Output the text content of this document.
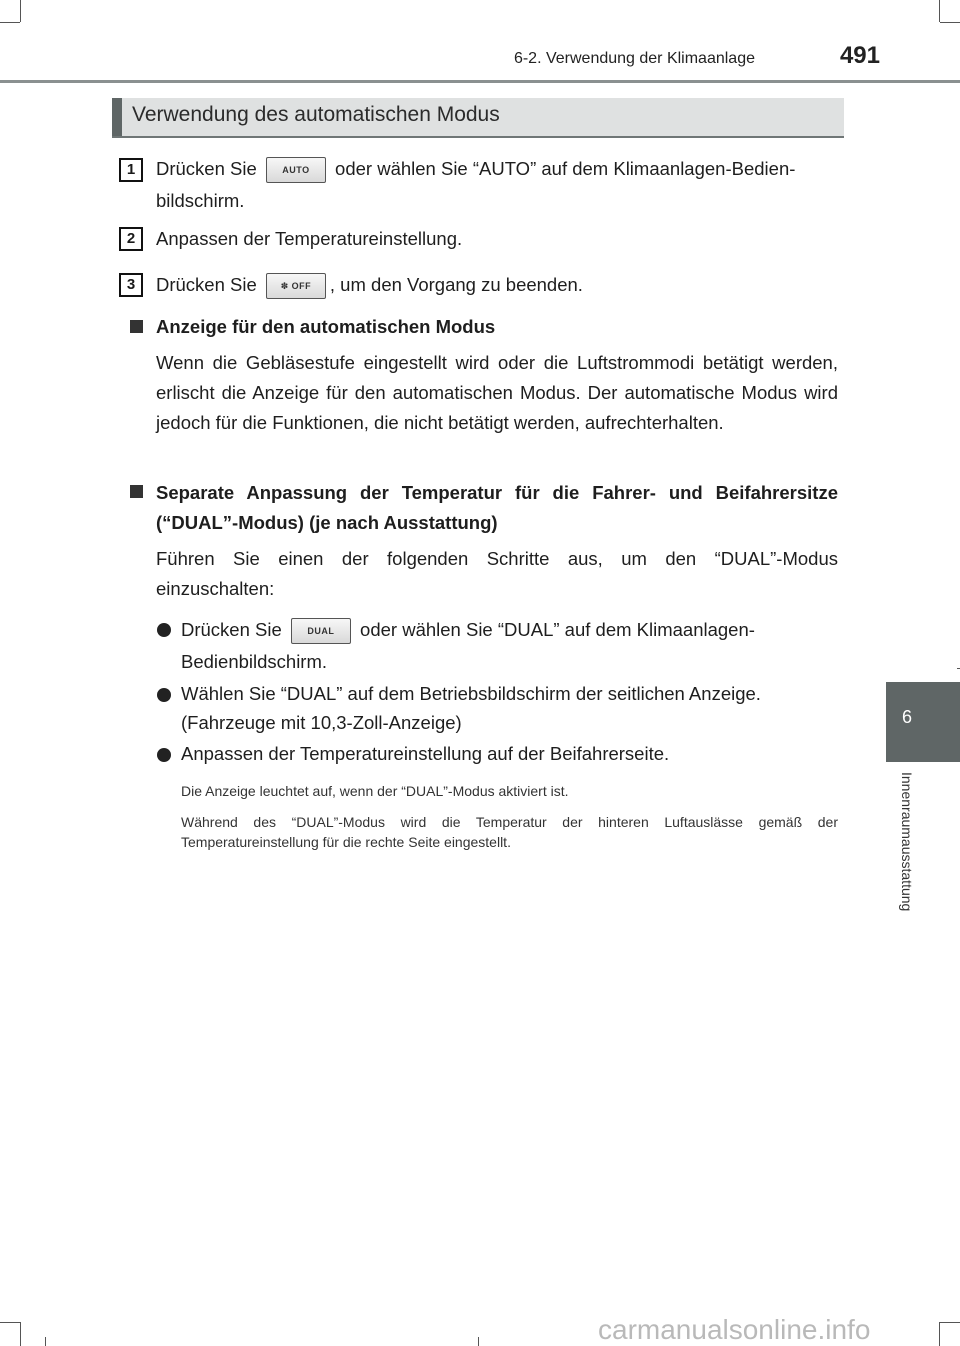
6-2. Verwendung der Klimaanlage	491
Verwendung des automatischen Modus
1	Drücken Sie	AUTO oder wählen Sie “AUTO” auf dem Klimaanlagen-Bedien-
bildschirm.
2	Anpassen der Temperatureinstellung.
3	Drücken Sie	✽ OFF , um den Vorgang zu beenden.
Anzeige für den automatischen Modus
Wenn die Gebläsestufe eingestellt wird oder die Luftstrommodi betätigt werden, erlischt die Anzeige für den automatischen Modus. Der automatische Modus wird jedoch für die Funktionen, die nicht betätigt werden, aufrechterhalten.
Separate Anpassung der Temperatur für die Fahrer- und Beifahrersitze
(“DUAL”-Modus) (je nach Ausstattung)
Führen Sie einen der folgenden Schritte aus, um den “DUAL”-Modus einzuschalten:
Drücken Sie	DUAL oder wählen Sie “DUAL” auf dem Klimaanlagen-
Bedienbildschirm.
Wählen Sie “DUAL” auf dem Betriebsbildschirm der seitlichen Anzeige.
(Fahrzeuge mit 10,3-Zoll-Anzeige)
Anpassen der Temperatureinstellung auf der Beifahrerseite.
Die Anzeige leuchtet auf, wenn der “DUAL”-Modus aktiviert ist.
Während des “DUAL”-Modus wird die Temperatur der hinteren Luftauslässe gemäß der Temperatureinstellung für die rechte Seite eingestellt.
6
Innenraumausstattung
carmanualsonline.info
